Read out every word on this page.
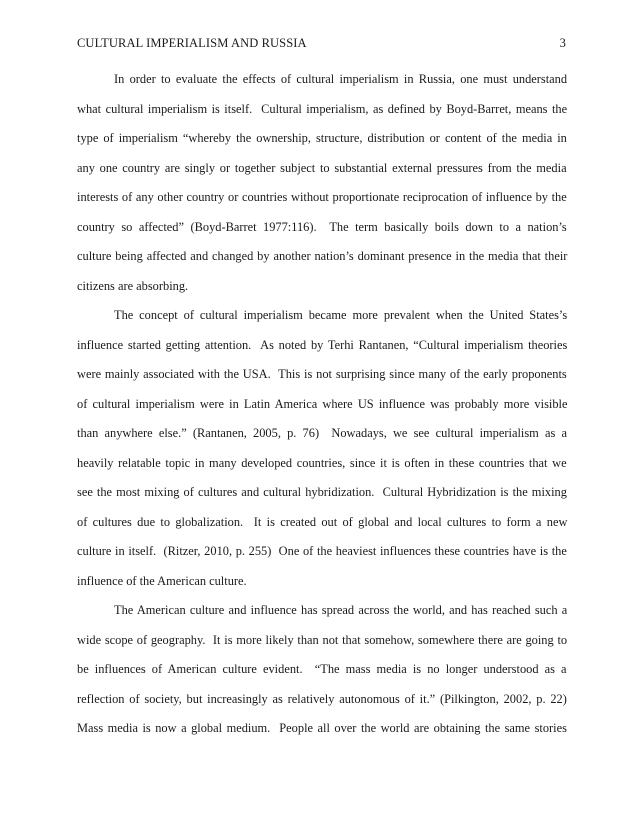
CULTURAL IMPERIALISM AND RUSSIA	3
In order to evaluate the effects of cultural imperialism in Russia, one must understand
what cultural imperialism is itself.  Cultural imperialism, as defined by Boyd-Barret, means the
type of imperialism “whereby the ownership, structure, distribution or content of the media in
any one country are singly or together subject to substantial external pressures from the media
interests of any other country or countries without proportionate reciprocation of influence by the
country so affected” (Boyd-Barret 1977:116).  The term basically boils down to a nation’s
culture being affected and changed by another nation’s dominant presence in the media that their
citizens are absorbing.
The concept of cultural imperialism became more prevalent when the United States’s
influence started getting attention.  As noted by Terhi Rantanen, “Cultural imperialism theories
were mainly associated with the USA.  This is not surprising since many of the early proponents
of cultural imperialism were in Latin America where US influence was probably more visible
than anywhere else.” (Rantanen, 2005, p. 76)  Nowadays, we see cultural imperialism as a
heavily relatable topic in many developed countries, since it is often in these countries that we
see the most mixing of cultures and cultural hybridization.  Cultural Hybridization is the mixing
of cultures due to globalization.  It is created out of global and local cultures to form a new
culture in itself.  (Ritzer, 2010, p. 255)  One of the heaviest influences these countries have is the
influence of the American culture.
The American culture and influence has spread across the world, and has reached such a
wide scope of geography.  It is more likely than not that somehow, somewhere there are going to
be influences of American culture evident.  “The mass media is no longer understood as a
reflection of society, but increasingly as relatively autonomous of it.” (Pilkington, 2002, p. 22)
Mass media is now a global medium.  People all over the world are obtaining the same stories
